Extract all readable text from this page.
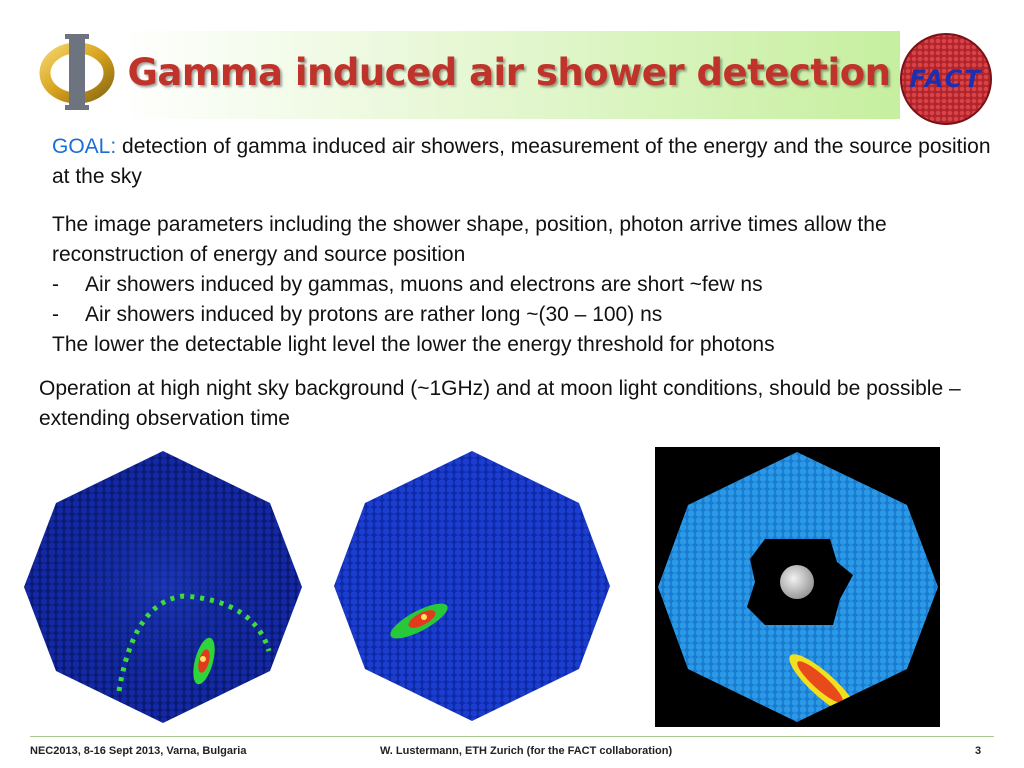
Gamma induced air shower detection FACT
GOAL: detection of gamma induced air showers, measurement of the energy and the source position at the sky
The image parameters including the shower shape, position, photon arrive times allow the reconstruction of energy and source position
-	Air showers induced by gammas, muons and electrons are short ~few ns
-	Air showers induced by protons are rather long ~(30 – 100) ns
The lower the detectable light level the lower the energy threshold for photons
Operation at high night sky background (~1GHz) and at moon light conditions, should be possible – extending observation time
NEC2013, 8-16 Sept 2013, Varna, Bulgaria	W. Lustermann, ETH Zurich (for the FACT collaboration)	3
